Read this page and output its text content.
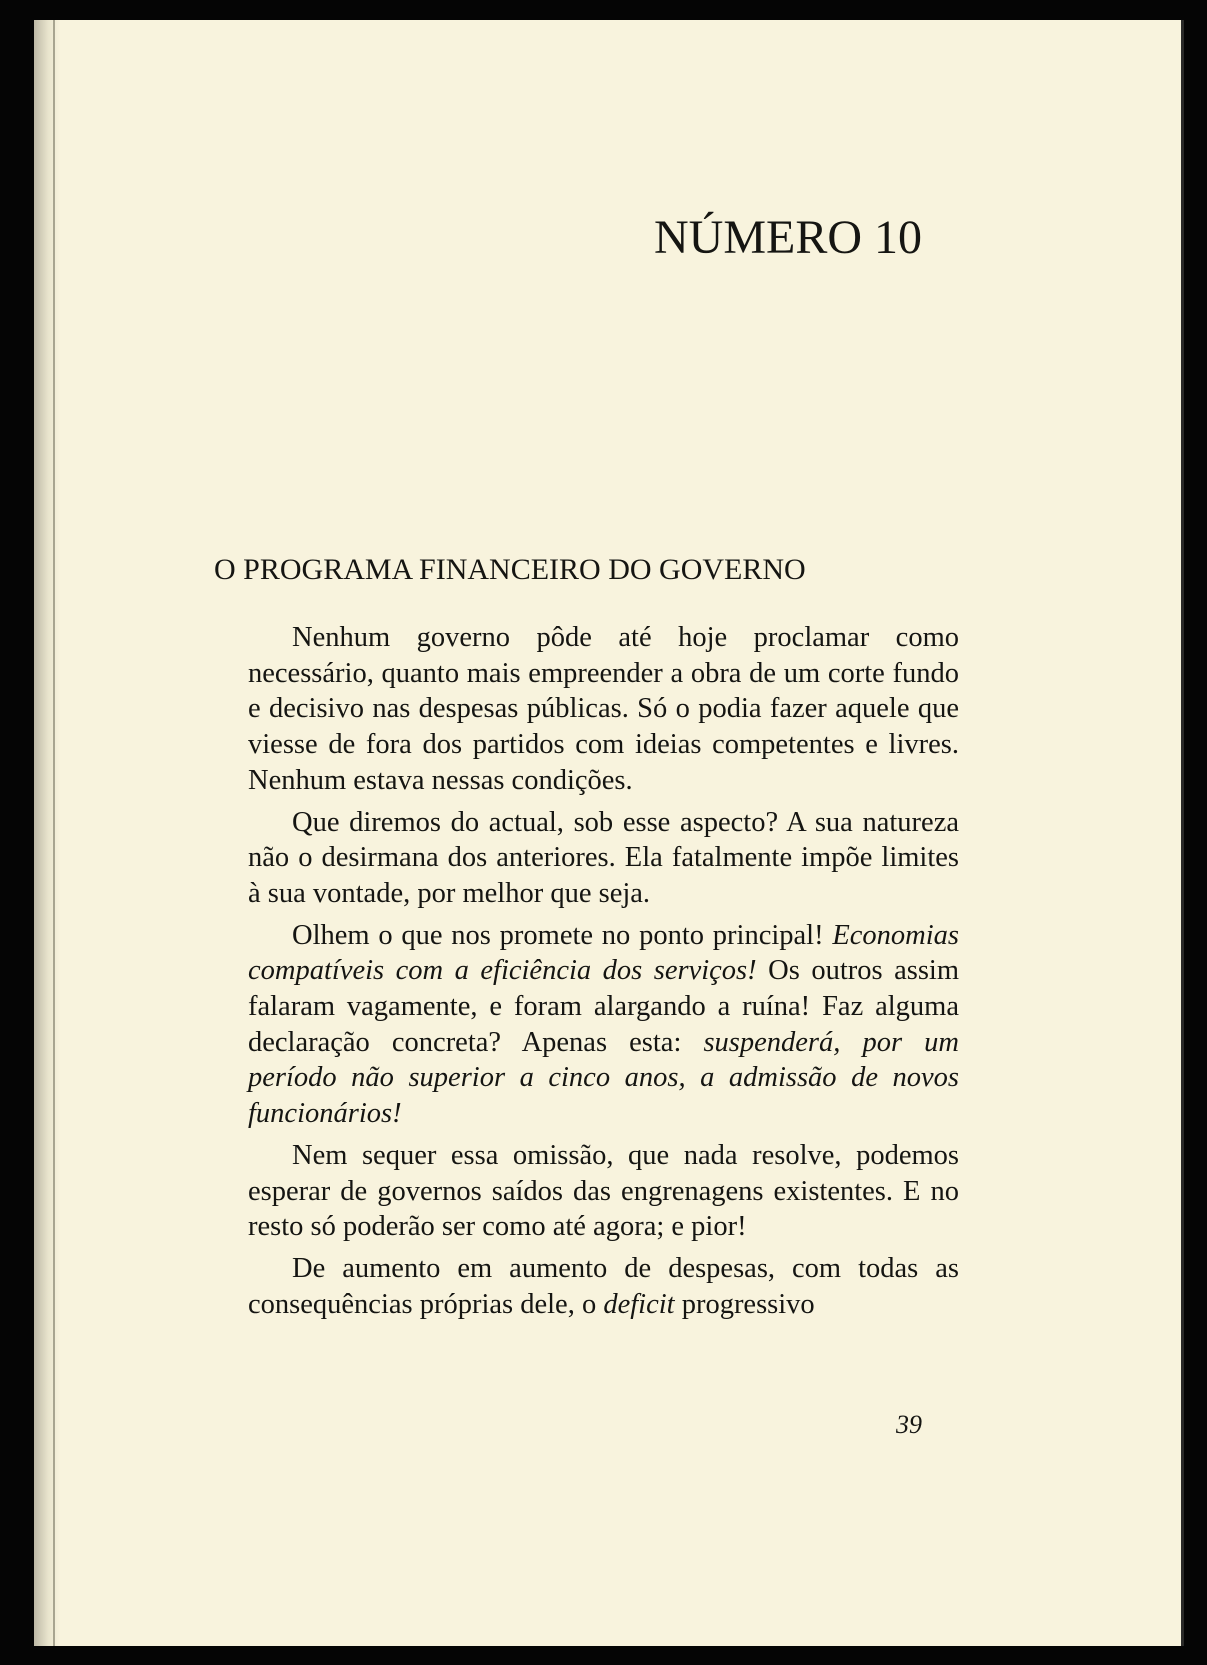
NÚMERO 10
O PROGRAMA FINANCEIRO DO GOVERNO

Nenhum governo pôde até hoje proclamar como necessário, quanto mais empreender a obra de um corte fundo e decisivo nas despesas públicas. Só o podia fazer aquele que viesse de fora dos partidos com ideias competentes e livres. Nenhum estava nessas condições.

Que diremos do actual, sob esse aspecto? A sua natureza não o desirmana dos anteriores. Ela fatalmente impõe limites à sua vontade, por melhor que seja.

Olhem o que nos promete no ponto principal! Economias compatíveis com a eficiência dos serviços! Os outros assim falaram vagamente, e foram alargando a ruína! Faz alguma declaração concreta? Apenas esta: suspenderá, por um período não superior a cinco anos, a admissão de novos funcionários!

Nem sequer essa omissão, que nada resolve, podemos esperar de governos saídos das engrenagens existentes. E no resto só poderão ser como até agora; e pior!

De aumento em aumento de despesas, com todas as consequências próprias dele, o deficit progressivo

39
